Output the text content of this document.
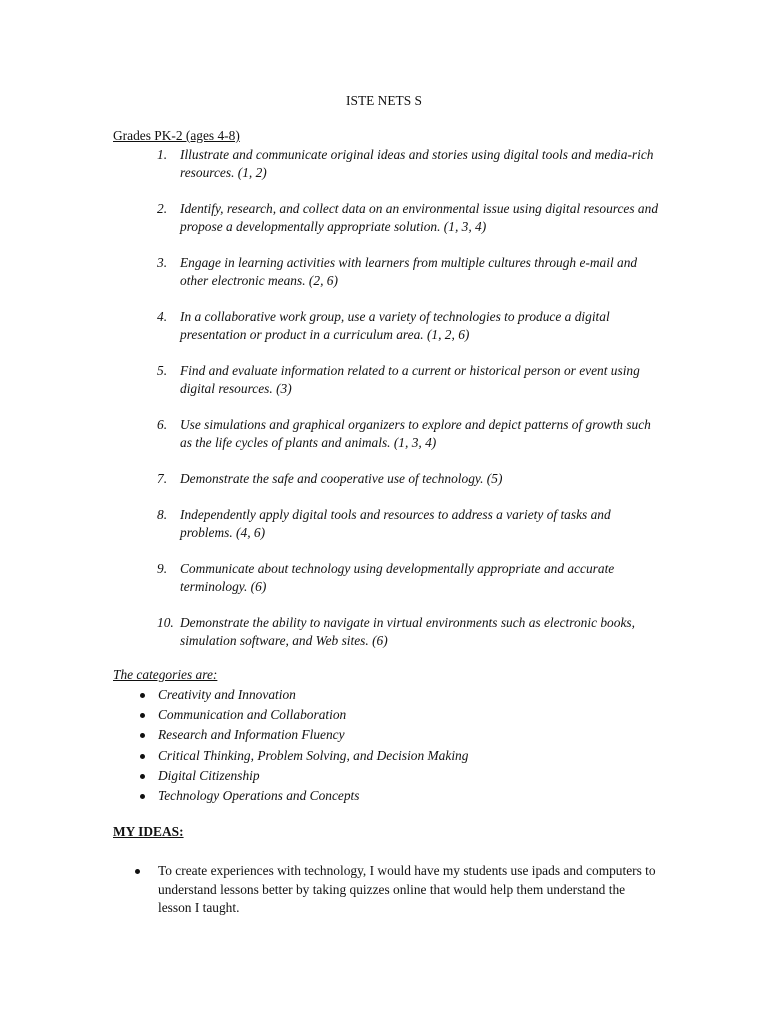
ISTE NETS S
Grades PK-2 (ages 4-8)
1. Illustrate and communicate original ideas and stories using digital tools and media-rich resources. (1, 2)
2. Identify, research, and collect data on an environmental issue using digital resources and propose a developmentally appropriate solution. (1, 3, 4)
3. Engage in learning activities with learners from multiple cultures through e-mail and other electronic means. (2, 6)
4. In a collaborative work group, use a variety of technologies to produce a digital presentation or product in a curriculum area. (1, 2, 6)
5. Find and evaluate information related to a current or historical person or event using digital resources. (3)
6. Use simulations and graphical organizers to explore and depict patterns of growth such as the life cycles of plants and animals. (1, 3, 4)
7. Demonstrate the safe and cooperative use of technology. (5)
8. Independently apply digital tools and resources to address a variety of tasks and problems. (4, 6)
9. Communicate about technology using developmentally appropriate and accurate terminology. (6)
10. Demonstrate the ability to navigate in virtual environments such as electronic books, simulation software, and Web sites. (6)
The categories are:
Creativity and Innovation
Communication and Collaboration
Research and Information Fluency
Critical Thinking, Problem Solving, and Decision Making
Digital Citizenship
Technology Operations and Concepts
MY IDEAS:
To create experiences with technology, I would have my students use ipads and computers to understand lessons better by taking quizzes online that would help them understand the lesson I taught.
